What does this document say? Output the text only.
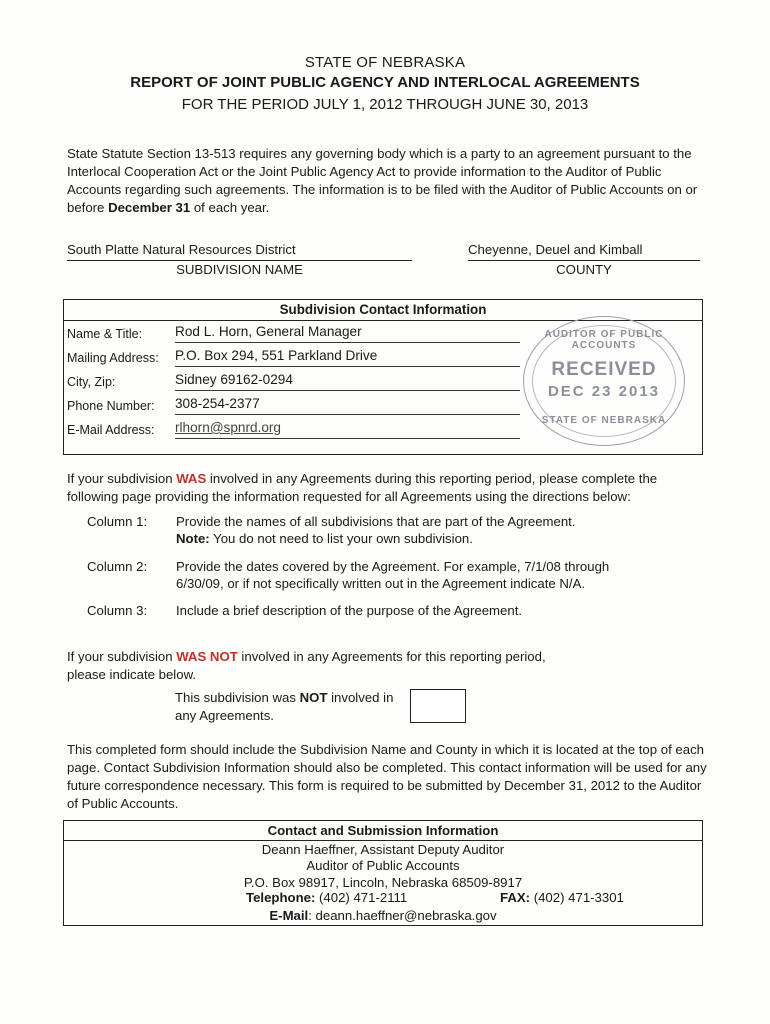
STATE OF NEBRASKA
REPORT OF JOINT PUBLIC AGENCY AND INTERLOCAL AGREEMENTS
FOR THE PERIOD JULY 1, 2012 THROUGH JUNE 30, 2013
State Statute Section 13-513 requires any governing body which is a party to an agreement pursuant to the Interlocal Cooperation Act or the Joint Public Agency Act to provide information to the Auditor of Public Accounts regarding such agreements. The information is to be filed with the Auditor of Public Accounts on or before December 31 of each year.
South Platte Natural Resources District
SUBDIVISION NAME
Cheyenne, Deuel and Kimball
COUNTY
Subdivision Contact Information
Name & Title: Rod L. Horn, General Manager
Mailing Address: P.O. Box 294, 551 Parkland Drive
City, Zip:	Sidney 69162-0294
Phone Number: 308-254-2377
E-Mail Address: rlhorn@spnrd.org
AUDITOR OF PUBLIC ACCOUNTS
RECEIVED
DEC 23 2013
STATE OF NEBRASKA
If your subdivision WAS involved in any Agreements during this reporting period, please complete the following page providing the information requested for all Agreements using the directions below:
Column 1:	Provide the names of all subdivisions that are part of the Agreement.
Note: You do not need to list your own subdivision.
Column 2:	Provide the dates covered by the Agreement. For example, 7/1/08 through 6/30/09, or if not specifically written out in the Agreement indicate N/A.
Column 3:	Include a brief description of the purpose of the Agreement.
If your subdivision WAS NOT involved in any Agreements for this reporting period, please indicate below.
This subdivision was NOT involved in any Agreements.
This completed form should include the Subdivision Name and County in which it is located at the top of each page. Contact Subdivision Information should also be completed. This contact information will be used for any future correspondence necessary. This form is required to be submitted by December 31, 2012 to the Auditor of Public Accounts.
Contact and Submission Information
Deann Haeffner, Assistant Deputy Auditor
Auditor of Public Accounts
P.O. Box 98917, Lincoln, Nebraska 68509-8917
Telephone: (402) 471-2111	FAX: (402) 471-3301
E-Mail: deann.haeffner@nebraska.gov
